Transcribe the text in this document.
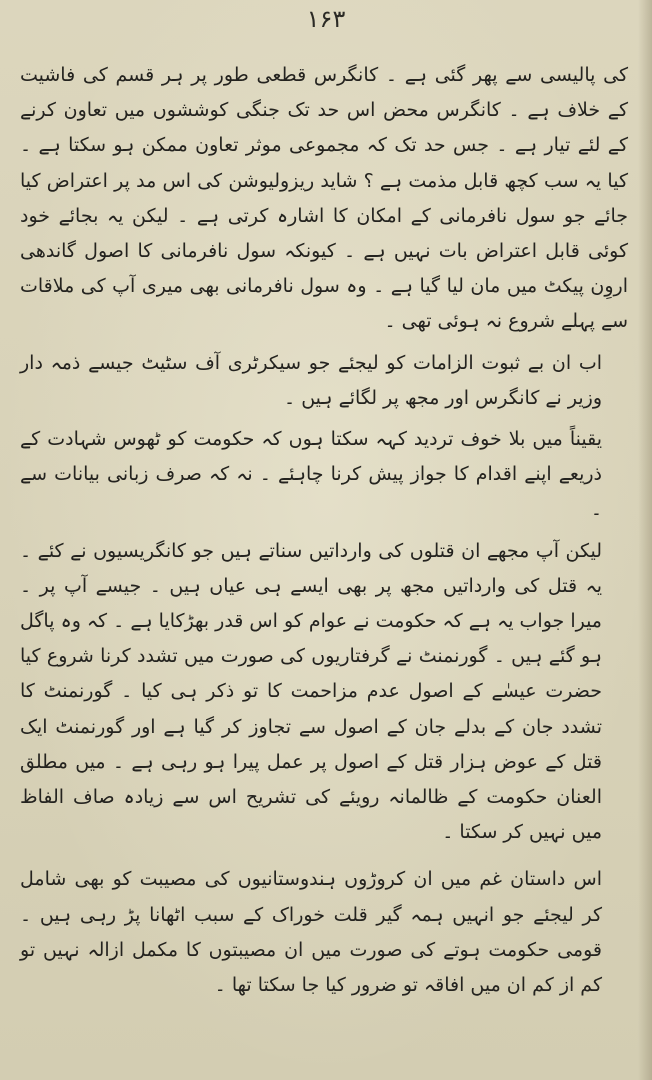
۱۶۳

کی پالیسی سے پھر گئی ہے ۔ کانگرس قطعی طور پر ہر قسم کی فاشیت کے خلاف ہے ۔ کانگرس محض اس حد تک جنگی کوششوں میں تعاون کرنے کے لئے تیار ہے ۔ جس حد تک کہ مجموعی موثر تعاون ممکن ہو سکتا ہے ۔ کیا یہ سب کچھ قابل مذمت ہے ؟ شاید ریزولیوشن کی اس مد پر اعتراض کیا جائے جو سول نافرمانی کے امکان کا اشارہ کرتی ہے ۔ لیکن یہ بجائے خود کوئی قابل اعتراض بات نہیں ہے ۔ کیونکہ سول نافرمانی کا اصول گاندھی اروِن پیکٹ میں مان لیا گیا ہے ۔ وہ سول نافرمانی بھی میری آپ کی ملاقات سے پہلے شروع نہ ہوئی تھی ۔

اب ان بے ثبوت الزامات کو لیجئے جو سیکرٹری آف سٹیٹ جیسے ذمہ دار وزیر نے کانگرس اور مجھ پر لگائے ہیں ۔

یقیناً میں بلا خوف تردید کہہ سکتا ہوں کہ حکومت کو ٹھوس شہادت کے ذریعے اپنے اقدام کا جواز پیش کرنا چاہئے ۔ نہ کہ صرف زبانی بیانات سے ۔

لیکن آپ مجھے ان قتلوں کی وارداتیں سناتے ہیں جو کانگریسیوں نے کئے ۔ یہ قتل کی وارداتیں مجھ پر بھی ایسے ہی عیاں ہیں ۔ جیسے آپ پر ۔ میرا جواب یہ ہے کہ حکومت نے عوام کو اس قدر بھڑکایا ہے ۔ کہ وہ پاگل ہو گئے ہیں ۔ گورنمنٹ نے گرفتاریوں کی صورت میں تشدد کرنا شروع کیا حضرت عیسٰے کے اصول عدم مزاحمت کا تو ذکر ہی کیا ۔ گورنمنٹ کا تشدد جان کے بدلے جان کے اصول سے تجاوز کر گیا ہے اور گورنمنٹ ایک قتل کے عوض ہزار قتل کے اصول پر عمل پیرا ہو رہی ہے ۔ میں مطلق العنان حکومت کے ظالمانہ رویئے کی تشریح اس سے زیادہ صاف الفاظ میں نہیں کر سکتا ۔

اس داستان غم میں ان کروڑوں ہندوستانیوں کی مصیبت کو بھی شامل کر لیجئے جو انہیں ہمہ گیر قلت خوراک کے سبب اٹھانا پڑ رہی ہیں ۔ قومی حکومت ہوتے کی صورت میں ان مصیبتوں کا مکمل ازالہ نہیں تو کم از کم ان میں افاقہ تو ضرور کیا جا سکتا تھا ۔
